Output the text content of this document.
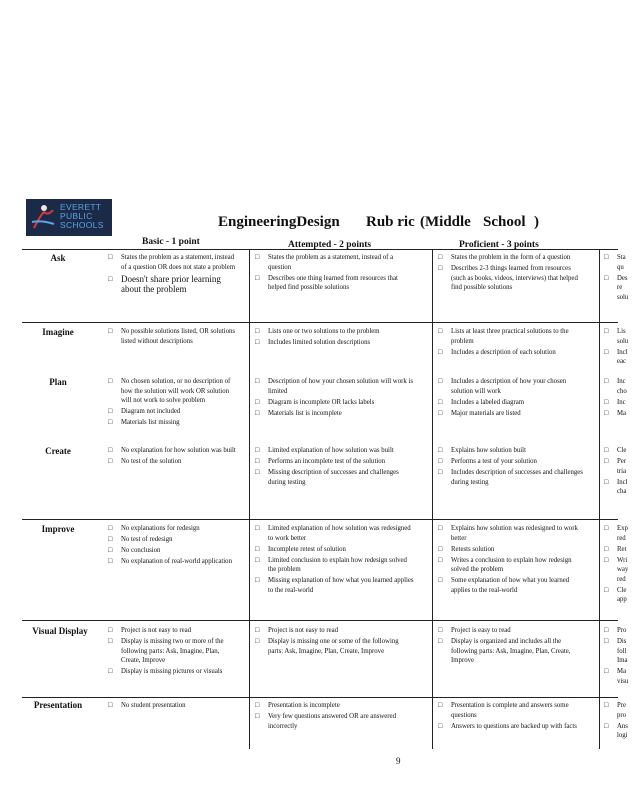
EVERETT
PUBLIC
SCHOOLS	EngineeringDesign Rub ric (Middle School )
Basic - 1 point	Attempted - 2 points	Proficient - 3 points
Ask
Imagine
Plan
Create
Improve
Visual Display
Presentation
□ States the problem as a statement, instead of a question OR does not state a problem
□ Doesn't share prior learning about the problem
□ States the problem as a statement, instead of a question
□ Describes one thing learned from resources that helped find possible solutions
□ States the problem in the form of a question
□ Describes 2-3 things learned from resources (such as books, videos, interviews) that helped find possible solutions
□ Sta qu
□ Des re solu
□ No possible solutions listed, OR solutions listed without descriptions
□ Lists one or two solutions to the problem
□ Includes limited solution descriptions
□ Lists at least three practical solutions to the problem
□ Includes a description of each solution
□ Lis solu
□ Incl eac
□ No chosen solution, or no description of how the solution will work OR solution will not work to solve problem
□ Diagram not included
□ Materials list missing
□ Description of how your chosen solution will work is limited
□ Diagram is incomplete OR lacks labels
□ Materials list is incomplete
□ Includes a description of how your chosen solution will work
□ Includes a labeled diagram
□ Major materials are listed
□ Inc cho
□ Inc
□ Ma
□ No explanation for how solution was built
□ No test of the solution
□ Limited explanation of how solution was built
□ Performs an incomplete test of the solution
□ Missing description of successes and challenges during testing
□ Explains how solution built
□ Performs a test of your solution
□ Includes description of successes and challenges during testing
□ Cle
□ Per tria
□ Incl cha
□ No explanations for redesign
□ No test of redesign
□ No conclusion
□ No explanation of real-world application
□ Limited explanation of how solution was redesigned to work better
□ Incomplete retest of solution
□ Limited conclusion to explain how redesign solved the problem
□ Missing explanation of how what you learned applies to the real-world
□ Explains how solution was redesigned to work better
□ Retests solution
□ Writes a conclusion to explain how redesign solved the problem
□ Some explanation of how what you learned applies to the real-world
□ Exp red
□ Ret
□ Wri way red
□ Cle app
□ Project is not easy to read
□ Display is missing two or more of the following parts: Ask, Imagine, Plan, Create, Improve
□ Display is missing pictures or visuals
□ Project is not easy to read
□ Display is missing one or some of the following parts: Ask, Imagine, Plan, Create, Improve
□ Project is easy to read
□ Display is organized and includes all the following parts: Ask, Imagine, Plan, Create, Improve
□ Pro
□ Dis foll Ima
□ Ma visu
□ No student presentation
□	Presentation is incomplete
□ Very few questions answered OR are answered incorrectly
□ Presentation is complete and answers some questions
□ Answers to questions are backed up with facts
□ Pre pro
□ Ans logi
9
